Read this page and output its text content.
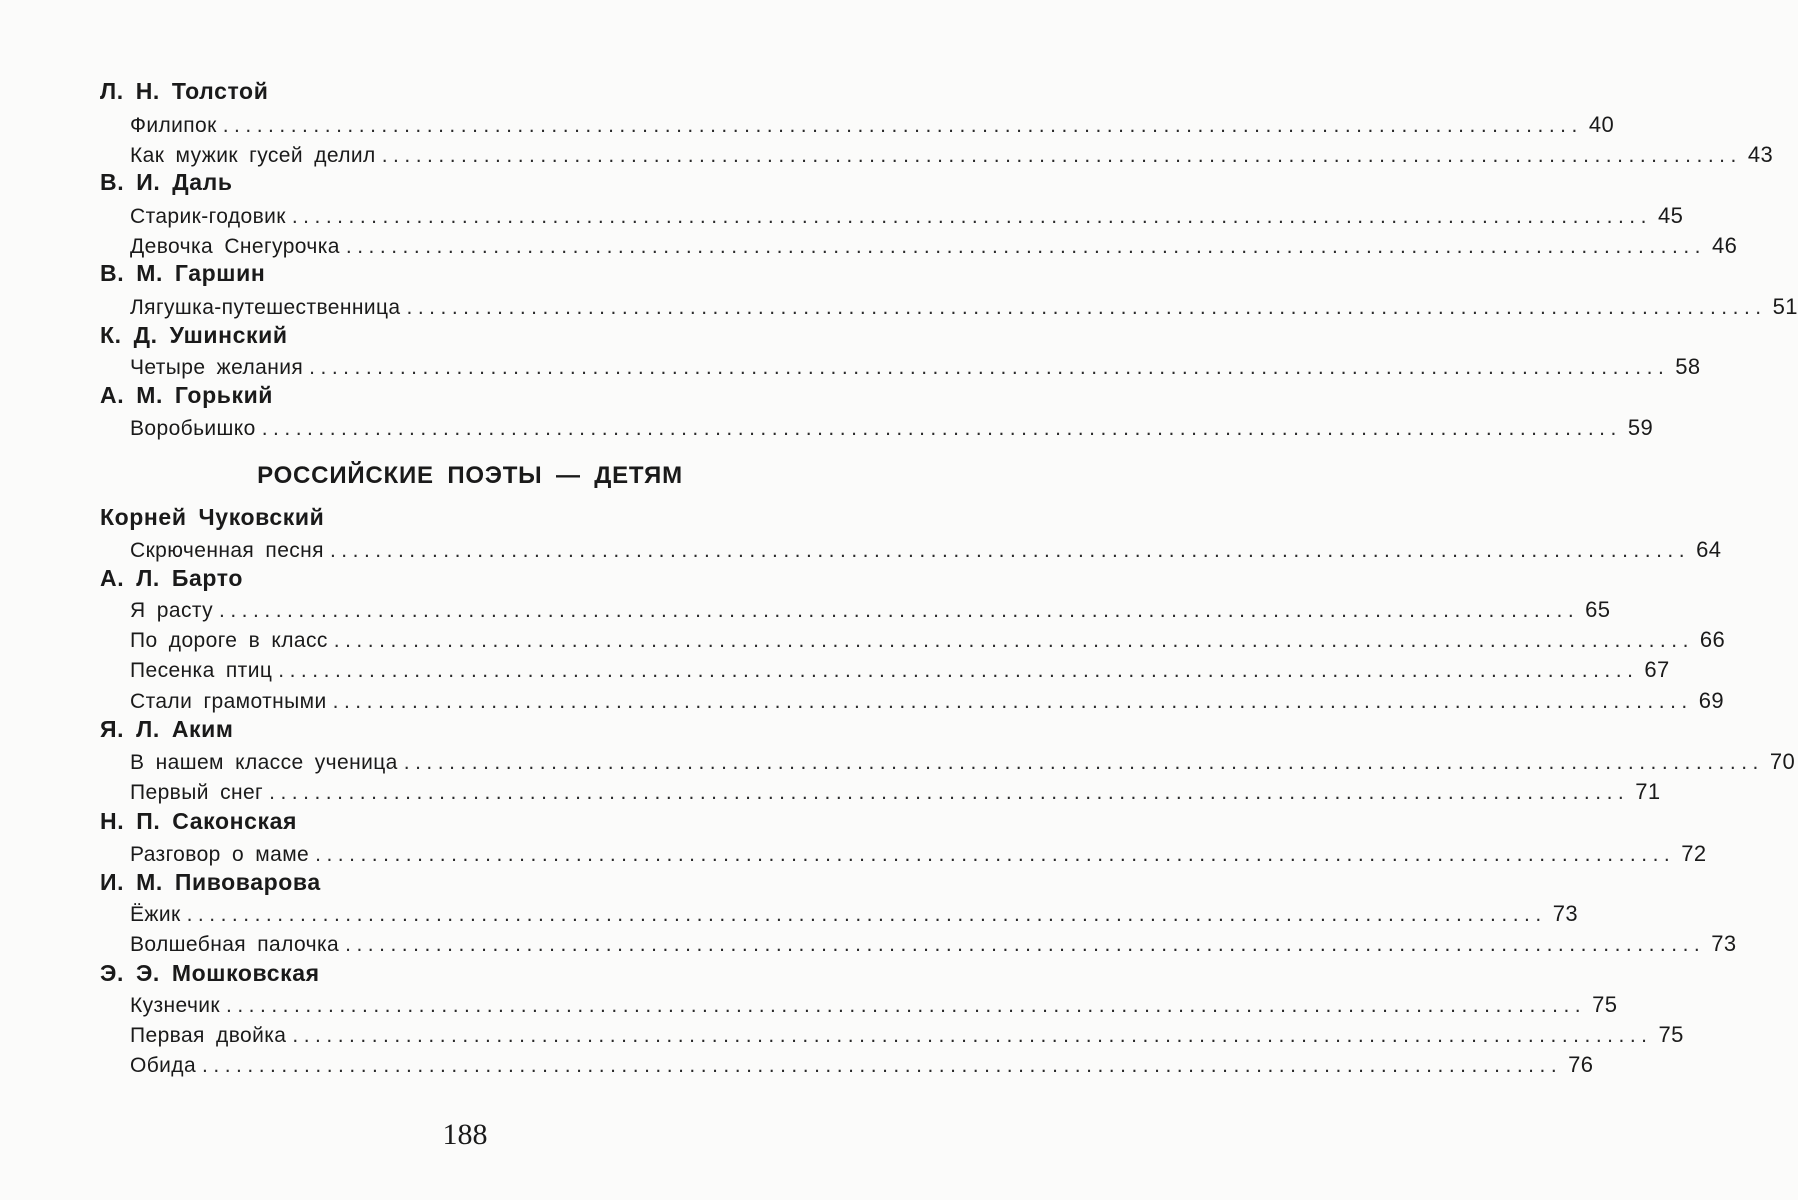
Л. Н. Толстой
Филипок ........................................................................................................................ 40
Как мужик гусей делил ........................................................................................................................ 43
В. И. Даль
Старик-годовик ........................................................................................................................ 45
Девочка Снегурочка ........................................................................................................................ 46
В. М. Гаршин
Лягушка-путешественница ........................................................................................................................ 51
К. Д. Ушинский
Четыре желания ........................................................................................................................ 58
А. М. Горький
Воробьишко ........................................................................................................................ 59
РОССИЙСКИЕ ПОЭТЫ — ДЕТЯМ
Корней Чуковский
Скрюченная песня ........................................................................................................................ 64
А. Л. Барто
Я расту ........................................................................................................................ 65
По дороге в класс ........................................................................................................................ 66
Песенка птиц ........................................................................................................................ 67
Стали грамотными ........................................................................................................................ 69
Я. Л. Аким
В нашем классе ученица ........................................................................................................................ 70
Первый снег ........................................................................................................................ 71
Н. П. Саконская
Разговор о маме ........................................................................................................................ 72
И. М. Пивоварова
Ёжик ........................................................................................................................ 73
Волшебная палочка ........................................................................................................................ 73
Э. Э. Мошковская
Кузнечик ........................................................................................................................ 75
Первая двойка ........................................................................................................................ 75
Обида ........................................................................................................................ 76
188
